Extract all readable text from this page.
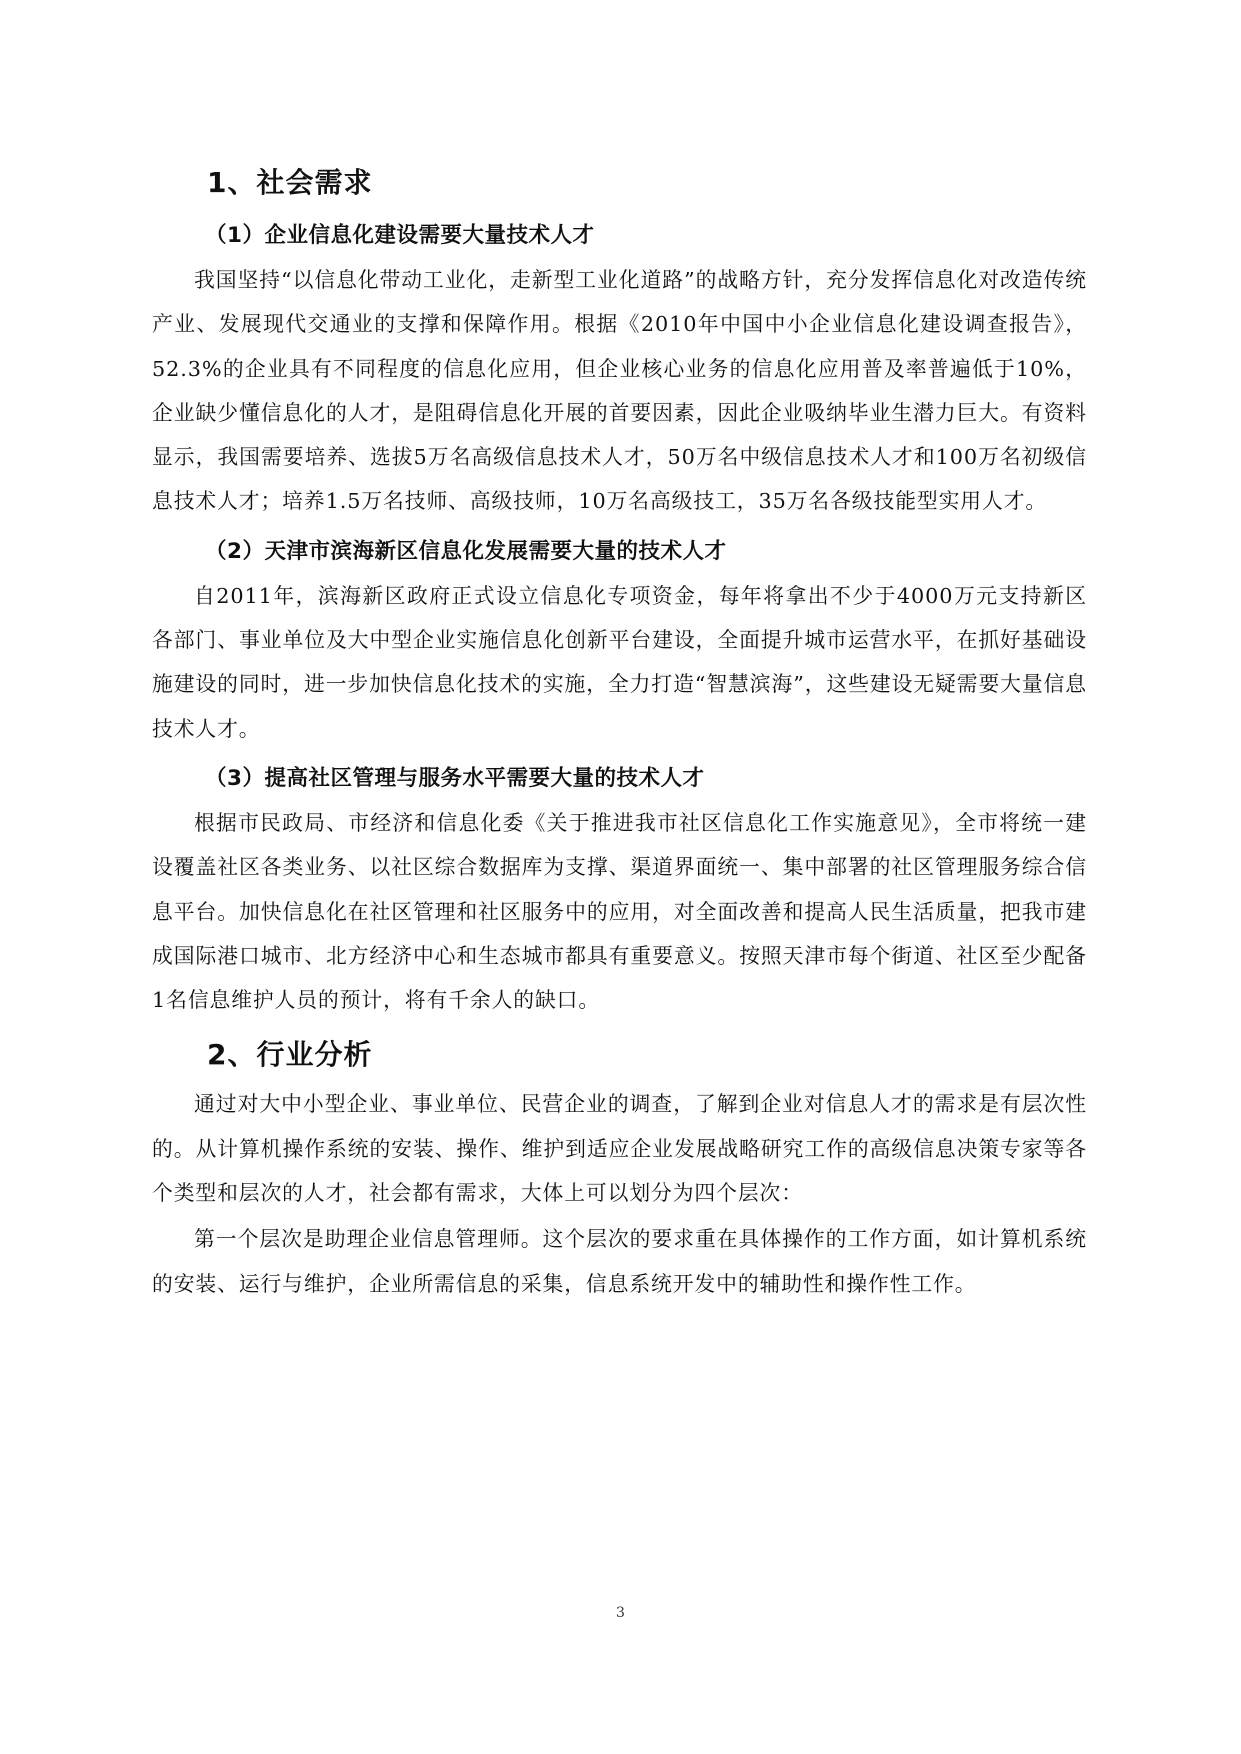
1、社会需求
（1）企业信息化建设需要大量技术人才

我国坚持“以信息化带动工业化，走新型工业化道路”的战略方针，充分发挥信息化对改造传统产业、发展现代交通业的支撑和保障作用。根据《2010年中国中小企业信息化建设调查报告》，52.3%的企业具有不同程度的信息化应用，但企业核心业务的信息化应用普及率普遍低于10%，企业缺少懂信息化的人才，是阻碍信息化开展的首要因素，因此企业吸纳毕业生潜力巨大。有资料显示，我国需要培养、选拔5万名高级信息技术人才，50万名中级信息技术人才和100万名初级信息技术人才；培养1.5万名技师、高级技师，10万名高级技工，35万名各级技能型实用人才。

（2）天津市滨海新区信息化发展需要大量的技术人才

自2011年，滨海新区政府正式设立信息化专项资金，每年将拿出不少于4000万元支持新区各部门、事业单位及大中型企业实施信息化创新平台建设，全面提升城市运营水平，在抓好基础设施建设的同时，进一步加快信息化技术的实施，全力打造“智慧滨海”，这些建设无疑需要大量信息技术人才。

（3）提高社区管理与服务水平需要大量的技术人才

根据市民政局、市经济和信息化委《关于推进我市社区信息化工作实施意见》，全市将统一建设覆盖社区各类业务、以社区综合数据库为支撑、渠道界面统一、集中部署的社区管理服务综合信息平台。加快信息化在社区管理和社区服务中的应用，对全面改善和提高人民生活质量，把我市建成国际港口城市、北方经济中心和生态城市都具有重要意义。按照天津市每个街道、社区至少配备1名信息维护人员的预计，将有千余人的缺口。

2、行业分析

通过对大中小型企业、事业单位、民营企业的调查，了解到企业对信息人才的需求是有层次性的。从计算机操作系统的安装、操作、维护到适应企业发展战略研究工作的高级信息决策专家等各个类型和层次的人才，社会都有需求，大体上可以划分为四个层次：

第一个层次是助理企业信息管理师。这个层次的要求重在具体操作的工作方面，如计算机系统的安装、运行与维护，企业所需信息的采集，信息系统开发中的辅助性和操作性工作。

3
